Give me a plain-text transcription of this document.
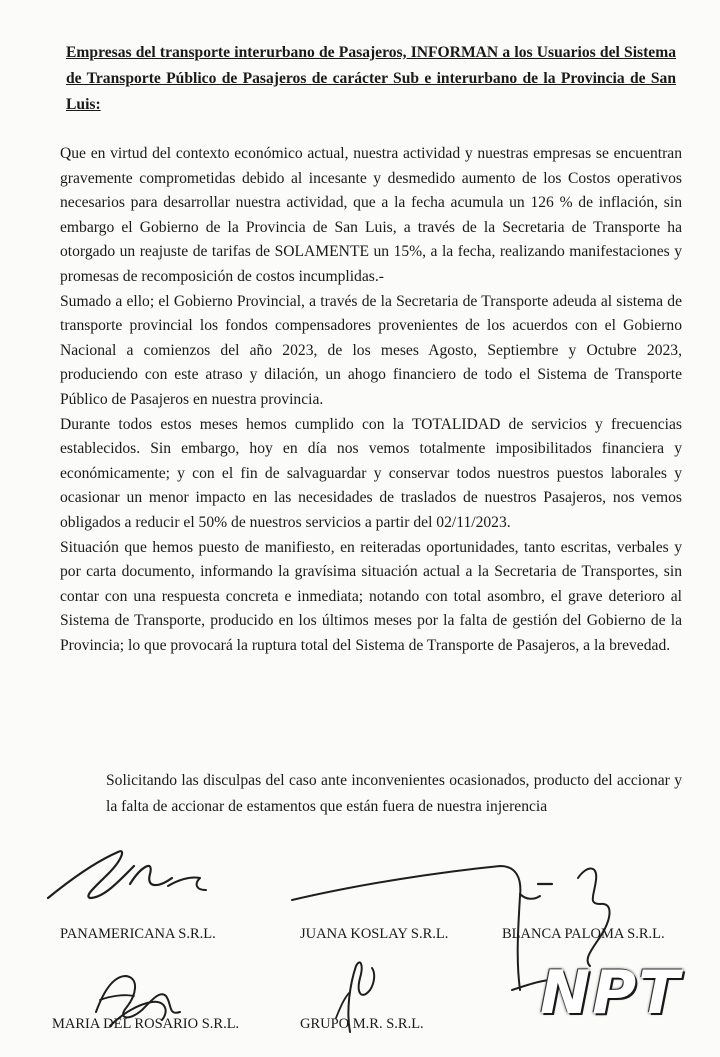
Empresas del transporte interurbano de Pasajeros, INFORMAN a los Usuarios del Sistema de Transporte Público de Pasajeros de carácter Sub e interurbano de la Provincia de San Luis:

Que en virtud del contexto económico actual, nuestra actividad y nuestras empresas se encuentran gravemente comprometidas debido al incesante y desmedido aumento de los Costos operativos necesarios para desarrollar nuestra actividad, que a la fecha acumula un 126 % de inflación, sin embargo el Gobierno de la Provincia de San Luis, a través de la Secretaria de Transporte ha otorgado un reajuste de tarifas de SOLAMENTE un 15%, a la fecha, realizando manifestaciones y promesas de recomposición de costos incumplidas.-

Sumado a ello; el Gobierno Provincial, a través de la Secretaria de Transporte adeuda al sistema de transporte provincial los fondos compensadores provenientes de los acuerdos con el Gobierno Nacional a comienzos del año 2023, de los meses Agosto, Septiembre y Octubre 2023, produciendo con este atraso y dilación, un ahogo financiero de todo el Sistema de Transporte Público de Pasajeros en nuestra provincia.

Durante todos estos meses hemos cumplido con la TOTALIDAD de servicios y frecuencias establecidos. Sin embargo, hoy en día nos vemos totalmente imposibilitados financiera y económicamente; y con el fin de salvaguardar y conservar todos nuestros puestos laborales y ocasionar un menor impacto en las necesidades de traslados de nuestros Pasajeros, nos vemos obligados a reducir el 50% de nuestros servicios a partir del 02/11/2023.

Situación que hemos puesto de manifiesto, en reiteradas oportunidades, tanto escritas, verbales y por carta documento, informando la gravísima situación actual a la Secretaria de Transportes, sin contar con una respuesta concreta e inmediata; notando con total asombro, el grave deterioro al Sistema de Transporte, producido en los últimos meses por la falta de gestión del Gobierno de la Provincia; lo que provocará la ruptura total del Sistema de Transporte de Pasajeros, a la brevedad.

Solicitando las disculpas del caso ante inconvenientes ocasionados, producto del accionar y la falta de accionar de estamentos que están fuera de nuestra injerencia
PANAMERICANA S.R.L.	JUANA KOSLAY S.R.L.	BLANCA PALOMA S.R.L.
MARIA DEL ROSARIO S.R.L.	GRUPO M.R. S.R.L. NPT
